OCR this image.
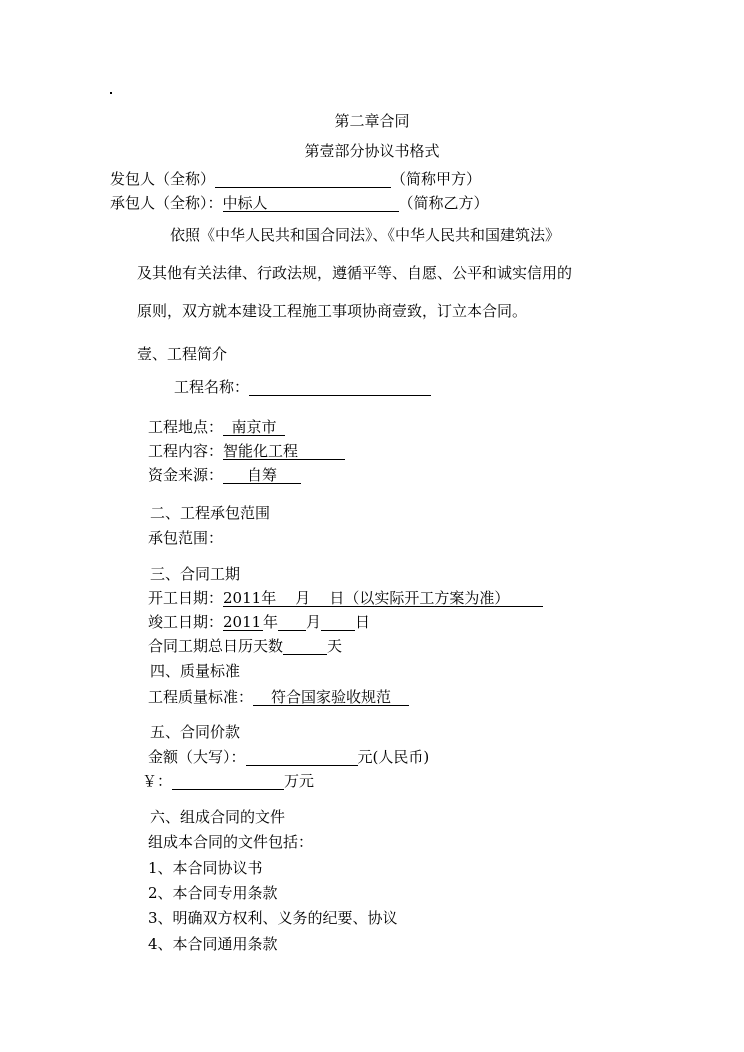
第二章合同
第壹部分协议书格式
发包人（全称）	（简称甲方）
承包人（全称）：中标人	（简称乙方）
依照《中华人民共和国合同法》、《中华人民共和国建筑法》
及其他有关法律、行政法规，遵循平等、自愿、公平和诚实信用的
原则，双方就本建设工程施工事项协商壹致，订立本合同。
壹、工程简介
工程名称：
工程地点： 南京市
工程内容：智能化工程
资金来源： 自筹
二、工程承包范围
承包范围：
三、合同工期
开工日期：2011年    月    日（以实际开工方案为准）
竣工日期：2011 年 月 日
合同工期总日历天数	天
四、质量标准
工程质量标准： 符合国家验收规范
五、合同价款
金额（大写）：	元(人民币)
￥：	万元
六、组成合同的文件
组成本合同的文件包括：
1、本合同协议书
2、本合同专用条款
3、明确双方权利、义务的纪要、协议
4、本合同通用条款
